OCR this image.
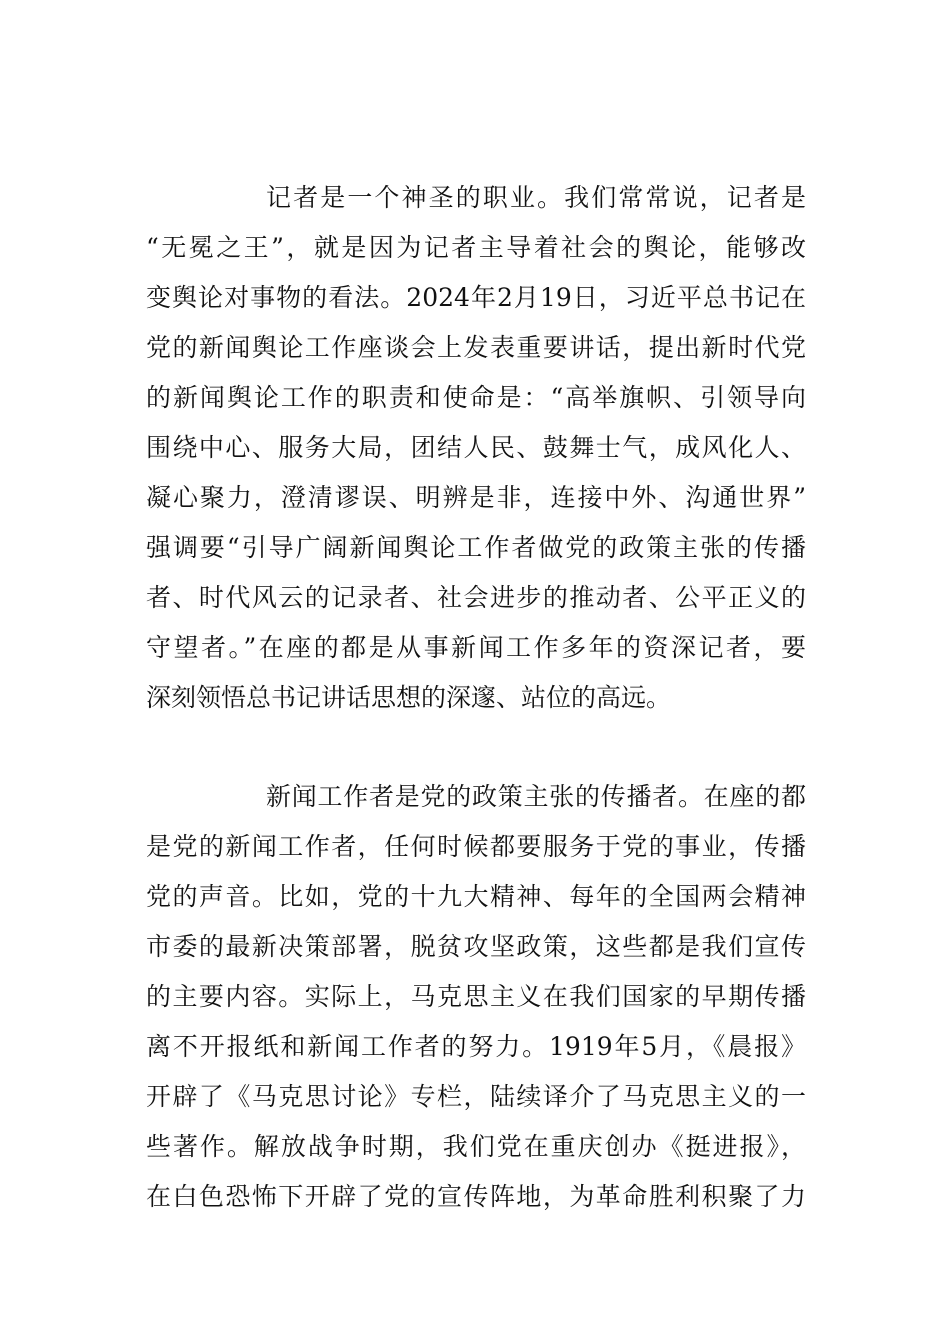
记者是一个神圣的职业。我们常常说，记者是
“无冕之王”，就是因为记者主导着社会的舆论，能够改
变舆论对事物的看法。2024年2月19日，习近平总书记在
党的新闻舆论工作座谈会上发表重要讲话，提出新时代党
的新闻舆论工作的职责和使命是：“高举旗帜、引领导向
围绕中心、服务大局，团结人民、鼓舞士气，成风化人、
凝心聚力，澄清谬误、明辨是非，连接中外、沟通世界”
强调要“引导广阔新闻舆论工作者做党的政策主张的传播
者、时代风云的记录者、社会进步的推动者、公平正义的
守望者。”在座的都是从事新闻工作多年的资深记者，要
深刻领悟总书记讲话思想的深邃、站位的高远。
新闻工作者是党的政策主张的传播者。在座的都
是党的新闻工作者，任何时候都要服务于党的事业，传播
党的声音。比如，党的十九大精神、每年的全国两会精神
市委的最新决策部署，脱贫攻坚政策，这些都是我们宣传
的主要内容。实际上，马克思主义在我们国家的早期传播
离不开报纸和新闻工作者的努力。1919年5月，《晨报》
开辟了《马克思讨论》专栏，陆续译介了马克思主义的一
些著作。解放战争时期，我们党在重庆创办《挺进报》，
在白色恐怖下开辟了党的宣传阵地，为革命胜利积聚了力
